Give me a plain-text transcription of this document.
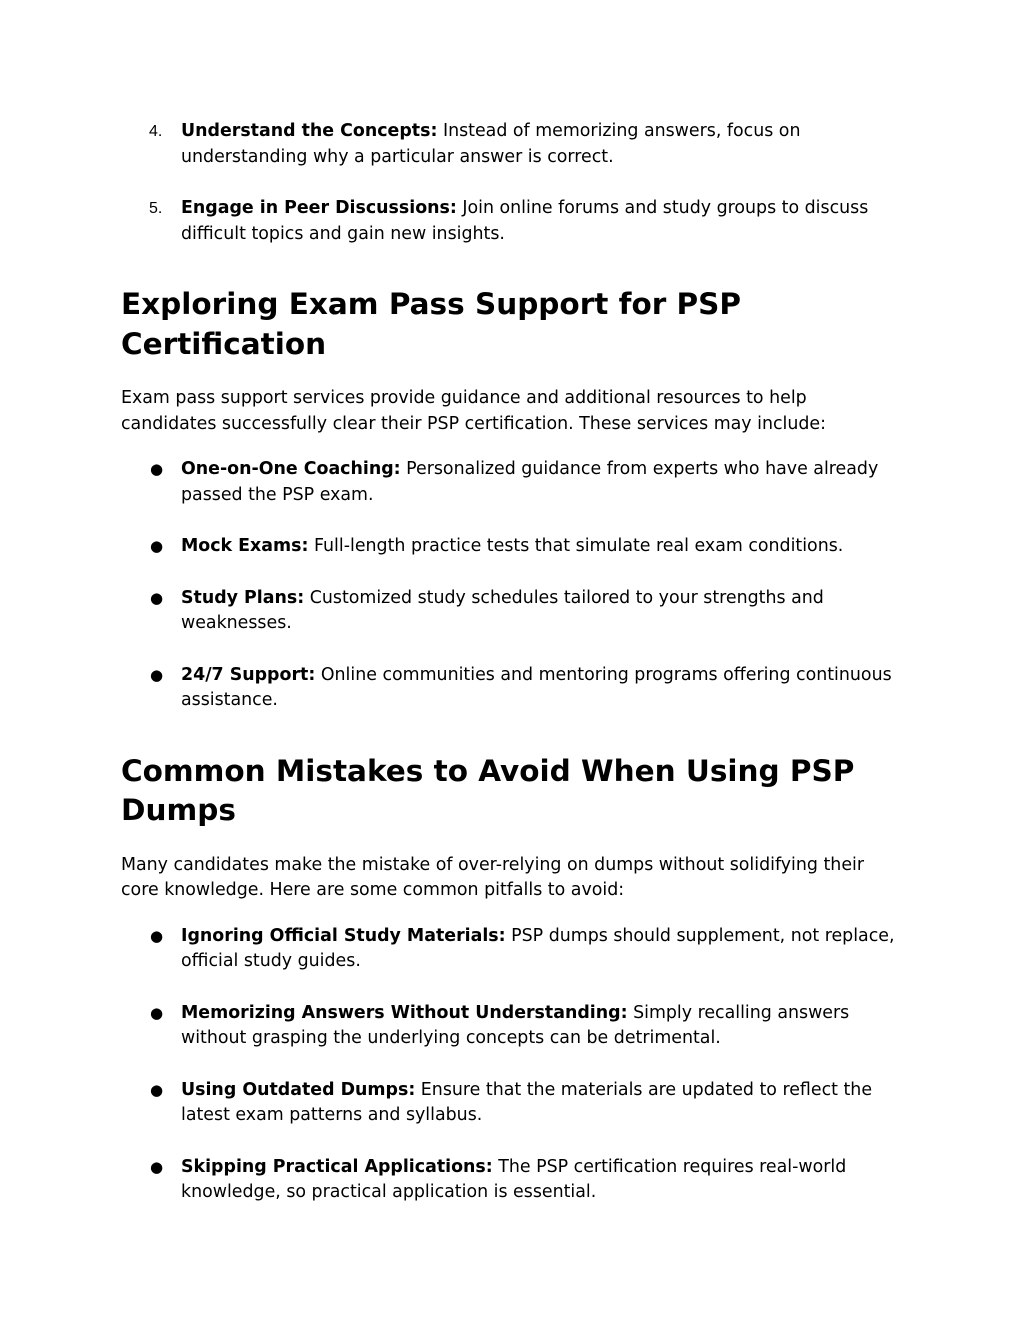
4. Understand the Concepts: Instead of memorizing answers, focus on understanding why a particular answer is correct.
5. Engage in Peer Discussions: Join online forums and study groups to discuss difficult topics and gain new insights.
Exploring Exam Pass Support for PSP Certification

Exam pass support services provide guidance and additional resources to help candidates successfully clear their PSP certification. These services may include:

● One-on-One Coaching: Personalized guidance from experts who have already passed the PSP exam.
● Mock Exams: Full-length practice tests that simulate real exam conditions.
● Study Plans: Customized study schedules tailored to your strengths and weaknesses.
● 24/7 Support: Online communities and mentoring programs offering continuous assistance.
Common Mistakes to Avoid When Using PSP Dumps

Many candidates make the mistake of over-relying on dumps without solidifying their core knowledge. Here are some common pitfalls to avoid:

● Ignoring Official Study Materials: PSP dumps should supplement, not replace, official study guides.
● Memorizing Answers Without Understanding: Simply recalling answers without grasping the underlying concepts can be detrimental.
● Using Outdated Dumps: Ensure that the materials are updated to reflect the latest exam patterns and syllabus.
● Skipping Practical Applications: The PSP certification requires real-world knowledge, so practical application is essential.
